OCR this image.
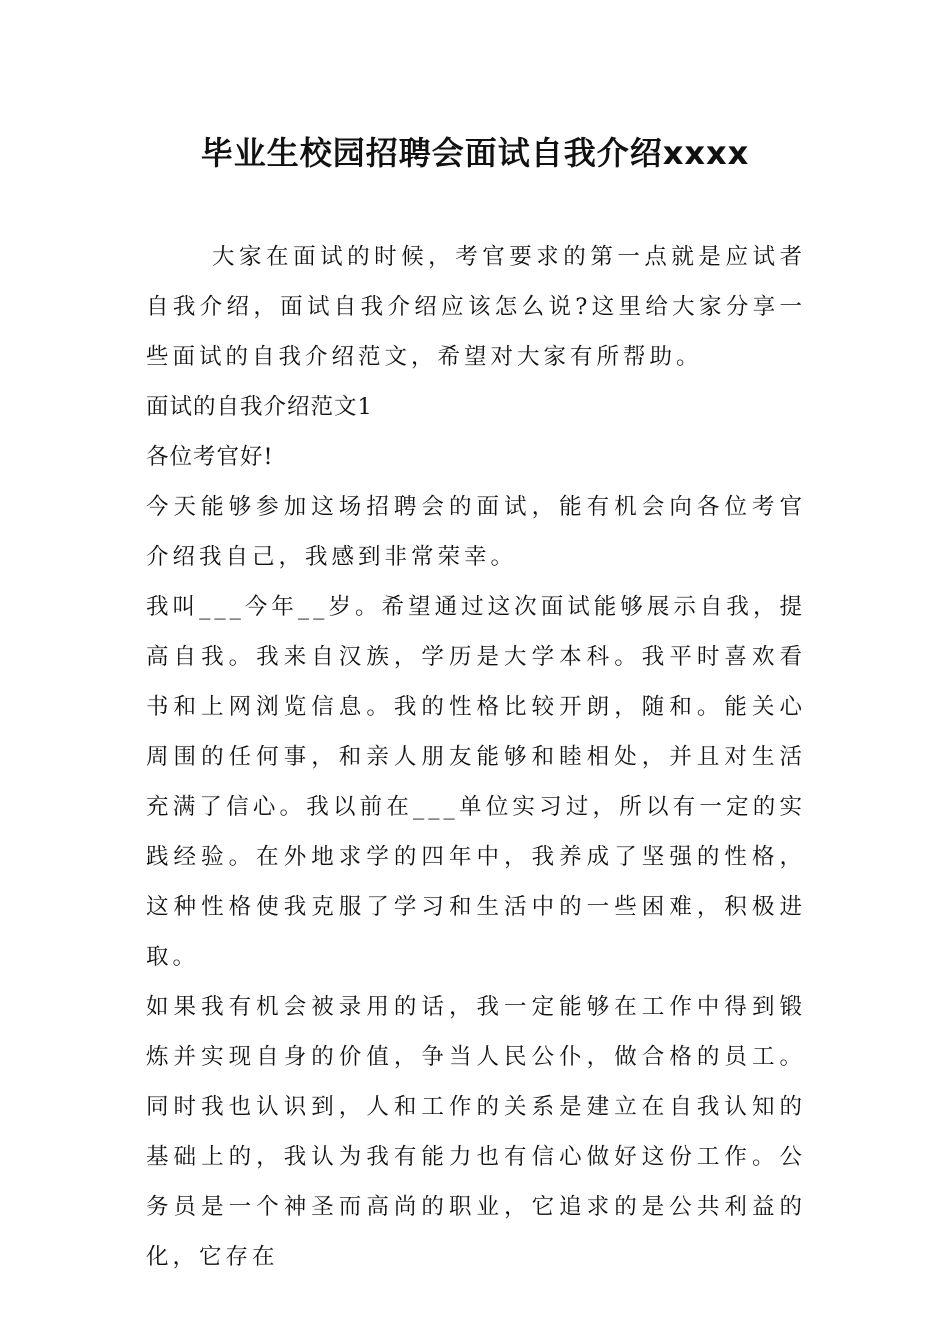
毕业生校园招聘会面试自我介绍xxxx

大家在面试的时候，考官要求的第一点就是应试者自我介绍，面试自我介绍应该怎么说?这里给大家分享一些面试的自我介绍范文，希望对大家有所帮助。

面试的自我介绍范文1

各位考官好!

今天能够参加这场招聘会的面试，能有机会向各位考官介绍我自己，我感到非常荣幸。

我叫___今年__岁。希望通过这次面试能够展示自我，提高自我。我来自汉族，学历是大学本科。我平时喜欢看书和上网浏览信息。我的性格比较开朗，随和。能关心周围的任何事，和亲人朋友能够和睦相处，并且对生活充满了信心。我以前在___单位实习过，所以有一定的实践经验。在外地求学的四年中，我养成了坚强的性格，这种性格使我克服了学习和生活中的一些困难，积极进取。

如果我有机会被录用的话，我一定能够在工作中得到锻炼并实现自身的价值，争当人民公仆，做合格的员工。同时我也认识到，人和工作的关系是建立在自我认知的基础上的，我认为我有能力也有信心做好这份工作。公务员是一个神圣而高尚的职业，它追求的是公共利益的化，它存在
